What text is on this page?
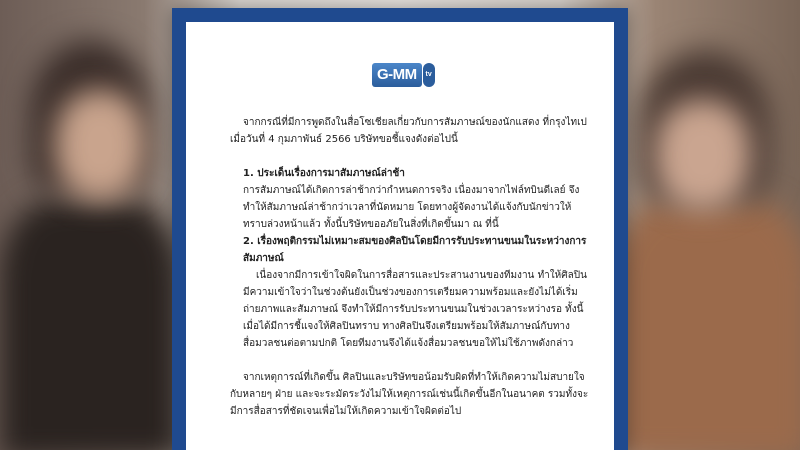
G-MM	tv

จากกรณีที่มีการพูดถึงในสื่อโซเชียลเกี่ยวกับการสัมภาษณ์ของนักแสดง ที่กรุงไทเป เมื่อวันที่ 4 กุมภาพันธ์ 2566 บริษัทขอชี้แจงดังต่อไปนี้

1. ประเด็นเรื่องการมาสัมภาษณ์ล่าช้า

การสัมภาษณ์ได้เกิดการล่าช้ากว่ากำหนดการจริง เนื่องมาจากไฟล์ทบินดีเลย์ จึงทำให้สัมภาษณ์ล่าช้ากว่าเวลาที่นัดหมาย โดยทางผู้จัดงานได้แจ้งกับนักข่าวให้ทราบล่วงหน้าแล้ว ทั้งนี้บริษัทขออภัยในสิ่งที่เกิดขึ้นมา ณ ที่นี้

2. เรื่องพฤติกรรมไม่เหมาะสมของศิลปินโดยมีการรับประทานขนมในระหว่างการสัมภาษณ์

เนื่องจากมีการเข้าใจผิดในการสื่อสารและประสานงานของทีมงาน ทำให้ศิลปินมีความเข้าใจว่าในช่วงต้นยังเป็นช่วงของการเตรียมความพร้อมและยังไม่ได้เริ่มถ่ายภาพและสัมภาษณ์ จึงทำให้มีการรับประทานขนมในช่วงเวลาระหว่างรอ ทั้งนี้เมื่อได้มีการชี้แจงให้ศิลปินทราบ ทางศิลปินจึงเตรียมพร้อมให้สัมภาษณ์กับทางสื่อมวลชนต่อตามปกติ โดยทีมงานจึงได้แจ้งสื่อมวลชนขอให้ไม่ใช้ภาพดังกล่าว

จากเหตุการณ์ที่เกิดขึ้น ศิลปินและบริษัทขอน้อมรับผิดที่ทำให้เกิดความไม่สบายใจกับหลายๆ ฝ่าย และจะระมัดระวังไม่ให้เหตุการณ์เช่นนี้เกิดขึ้นอีกในอนาคต รวมทั้งจะมีการสื่อสารที่ชัดเจนเพื่อไม่ให้เกิดความเข้าใจผิดต่อไป
